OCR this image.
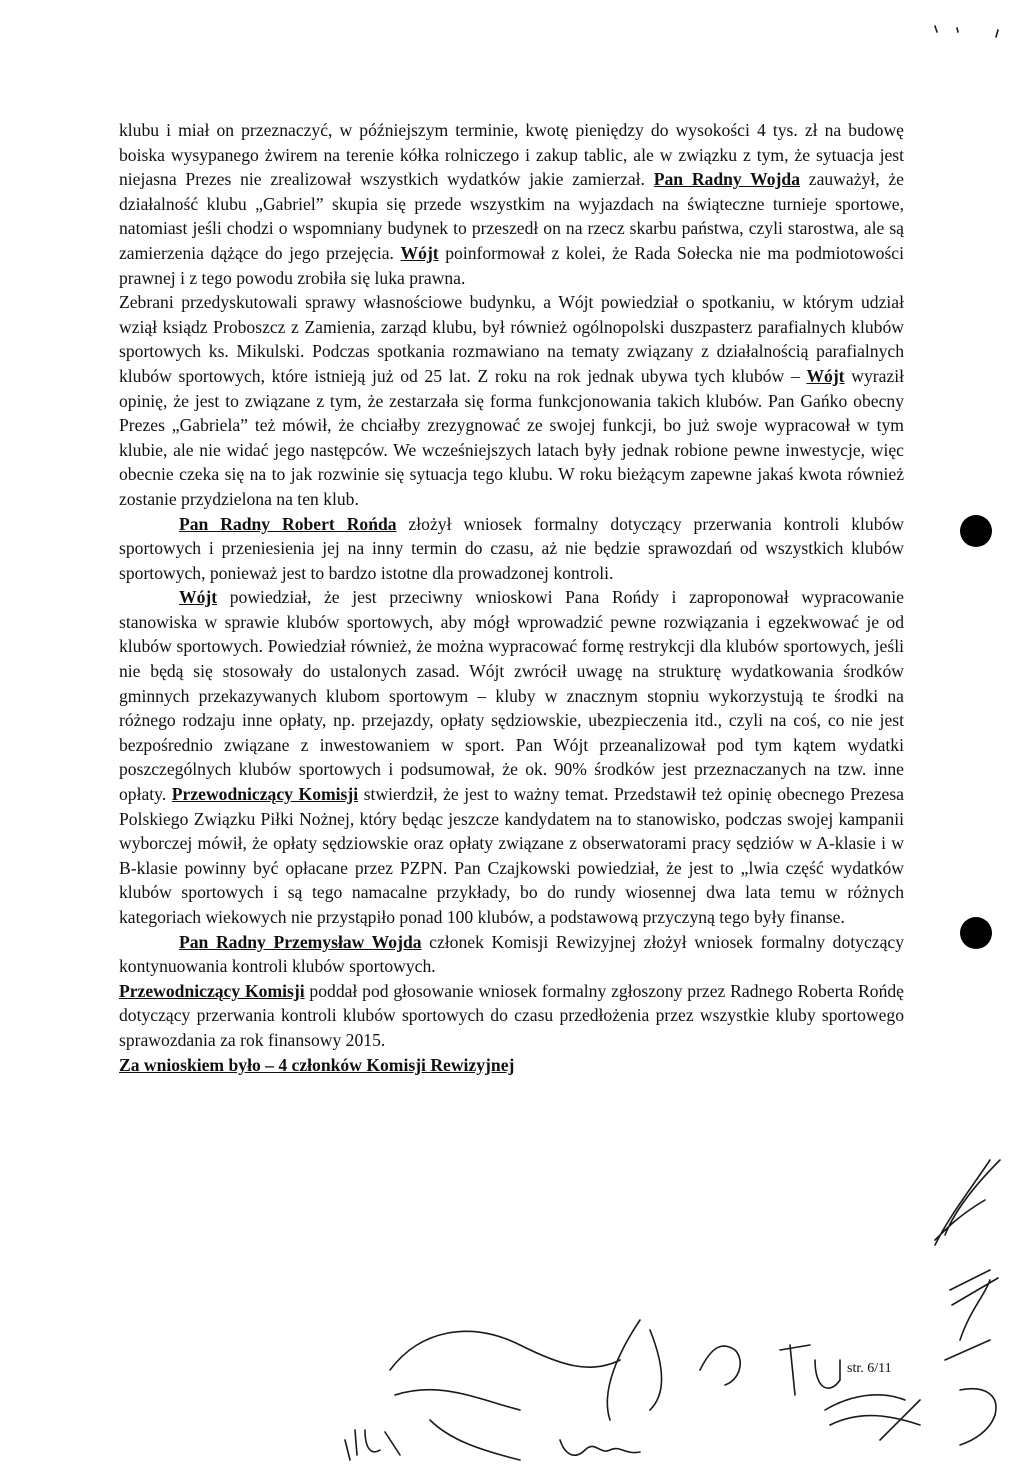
klubu i miał on przeznaczyć, w późniejszym terminie, kwotę pieniędzy do wysokości 4 tys. zł na budowę boiska wysypanego żwirem na terenie kółka rolniczego i zakup tablic, ale w związku z tym, że sytuacja jest niejasna Prezes nie zrealizował wszystkich wydatków jakie zamierzał. Pan Radny Wojda zauważył, że działalność klubu „Gabriel” skupia się przede wszystkim na wyjazdach na świąteczne turnieje sportowe, natomiast jeśli chodzi o wspomniany budynek to przeszedł on na rzecz skarbu państwa, czyli starostwa, ale są zamierzenia dążące do jego przejęcia. Wójt poinformował z kolei, że Rada Sołecka nie ma podmiotowości prawnej i z tego powodu zrobiła się luka prawna.

Zebrani przedyskutowali sprawy własnościowe budynku, a Wójt powiedział o spotkaniu, w którym udział wziął ksiądz Proboszcz z Zamienia, zarząd klubu, był również ogólnopolski duszpasterz parafialnych klubów sportowych ks. Mikulski. Podczas spotkania rozmawiano na tematy związany z działalnością parafialnych klubów sportowych, które istnieją już od 25 lat. Z roku na rok jednak ubywa tych klubów – Wójt wyraził opinię, że jest to związane z tym, że zestarzała się forma funkcjonowania takich klubów. Pan Gańko obecny Prezes „Gabriela” też mówił, że chciałby zrezygnować ze swojej funkcji, bo już swoje wypracował w tym klubie, ale nie widać jego następców. We wcześniejszych latach były jednak robione pewne inwestycje, więc obecnie czeka się na to jak rozwinie się sytuacja tego klubu. W roku bieżącym zapewne jakaś kwota również zostanie przydzielona na ten klub.

Pan Radny Robert Rońda złożył wniosek formalny dotyczący przerwania kontroli klubów sportowych i przeniesienia jej na inny termin do czasu, aż nie będzie sprawozdań od wszystkich klubów sportowych, ponieważ jest to bardzo istotne dla prowadzonej kontroli.

Wójt powiedział, że jest przeciwny wnioskowi Pana Rońdy i zaproponował wypracowanie stanowiska w sprawie klubów sportowych, aby mógł wprowadzić pewne rozwiązania i egzekwować je od klubów sportowych. Powiedział również, że można wypracować formę restrykcji dla klubów sportowych, jeśli nie będą się stosowały do ustalonych zasad. Wójt zwrócił uwagę na strukturę wydatkowania środków gminnych przekazywanych klubom sportowym – kluby w znacznym stopniu wykorzystują te środki na różnego rodzaju inne opłaty, np. przejazdy, opłaty sędziowskie, ubezpieczenia itd., czyli na coś, co nie jest bezpośrednio związane z inwestowaniem w sport. Pan Wójt przeanalizował pod tym kątem wydatki poszczególnych klubów sportowych i podsumował, że ok. 90% środków jest przeznaczanych na tzw. inne opłaty. Przewodniczący Komisji stwierdził, że jest to ważny temat. Przedstawił też opinię obecnego Prezesa Polskiego Związku Piłki Nożnej, który będąc jeszcze kandydatem na to stanowisko, podczas swojej kampanii wyborczej mówił, że opłaty sędziowskie oraz opłaty związane z obserwatorami pracy sędziów w A-klasie i w B-klasie powinny być opłacane przez PZPN. Pan Czajkowski powiedział, że jest to „lwia część wydatków klubów sportowych i są tego namacalne przykłady, bo do rundy wiosennej dwa lata temu w różnych kategoriach wiekowych nie przystąpiło ponad 100 klubów, a podstawową przyczyną tego były finanse.

Pan Radny Przemysław Wojda członek Komisji Rewizyjnej złożył wniosek formalny dotyczący kontynuowania kontroli klubów sportowych.

Przewodniczący Komisji poddał pod głosowanie wniosek formalny zgłoszony przez Radnego Roberta Rońdę dotyczący przerwania kontroli klubów sportowych do czasu przedłożenia przez wszystkie kluby sportowego sprawozdania za rok finansowy 2015.

Za wnioskiem było – 4 członków Komisji Rewizyjnej

str. 6/11
